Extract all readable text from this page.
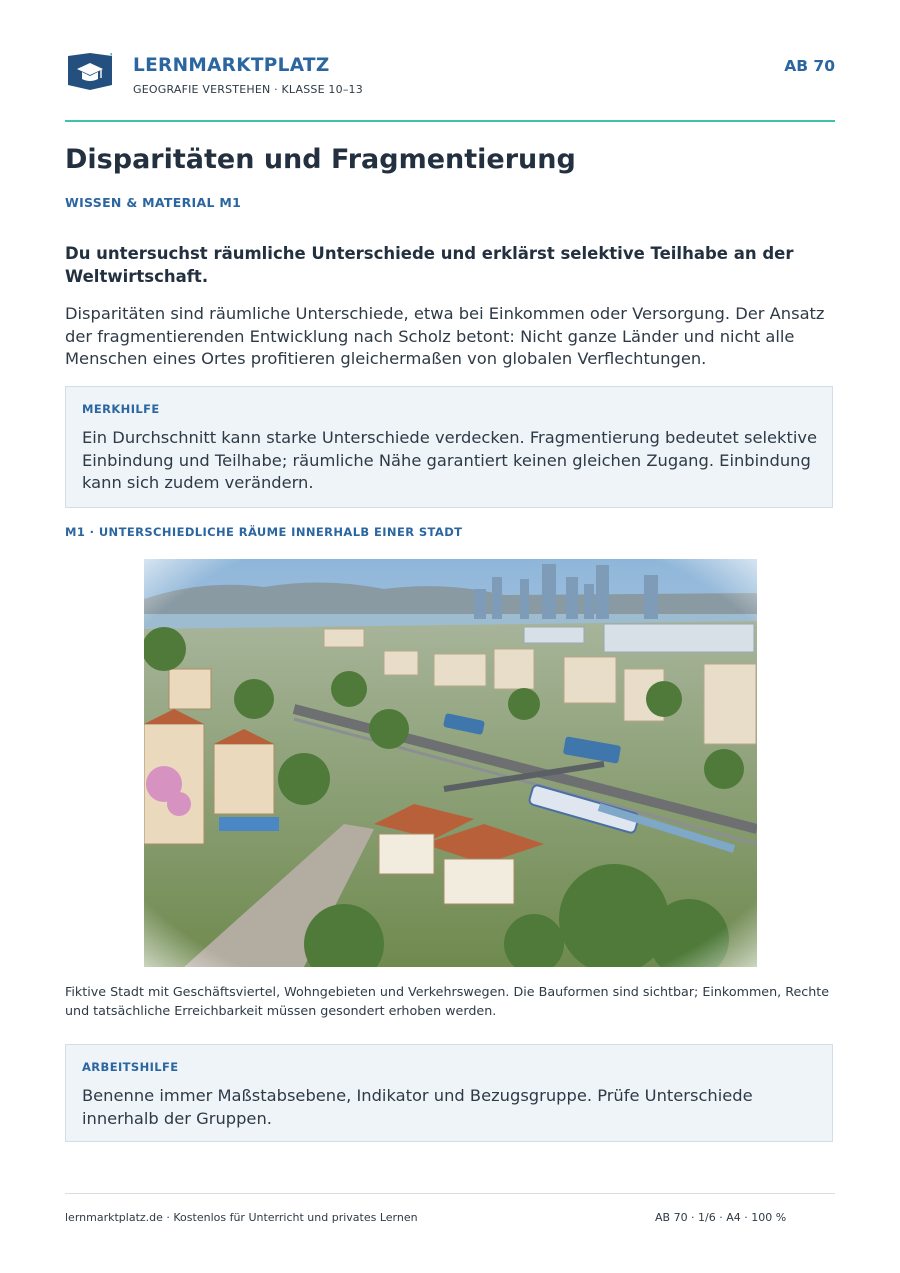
LERNMARKTPLATZ
GEOGRAFIE VERSTEHEN · KLASSE 10–13
AB 70
Disparitäten und Fragmentierung
WISSEN & MATERIAL M1

Du untersuchst räumliche Unterschiede und erklärst selektive Teilhabe an der Weltwirtschaft.

Disparitäten sind räumliche Unterschiede, etwa bei Einkommen oder Versorgung. Der Ansatz der fragmentierenden Entwicklung nach Scholz betont: Nicht ganze Länder und nicht alle Menschen eines Ortes profitieren gleichermaßen von globalen Verflechtungen.

MERKHILFE

Ein Durchschnitt kann starke Unterschiede verdecken. Fragmentierung bedeutet selektive Einbindung und Teilhabe; räumliche Nähe garantiert keinen gleichen Zugang. Einbindung kann sich zudem verändern.

M1 · UNTERSCHIEDLICHE RÄUME INNERHALB EINER STADT

Fiktive Stadt mit Geschäftsviertel, Wohngebieten und Verkehrswegen. Die Bauformen sind sichtbar; Einkommen, Rechte und tatsächliche Erreichbarkeit müssen gesondert erhoben werden.

ARBEITSHILFE

Benenne immer Maßstabsebene, Indikator und Bezugsgruppe. Prüfe Unterschiede innerhalb der Gruppen.

lernmarktplatz.de · Kostenlos für Unterricht und privates Lernen	AB 70 · 1/6 · A4 · 100 %
